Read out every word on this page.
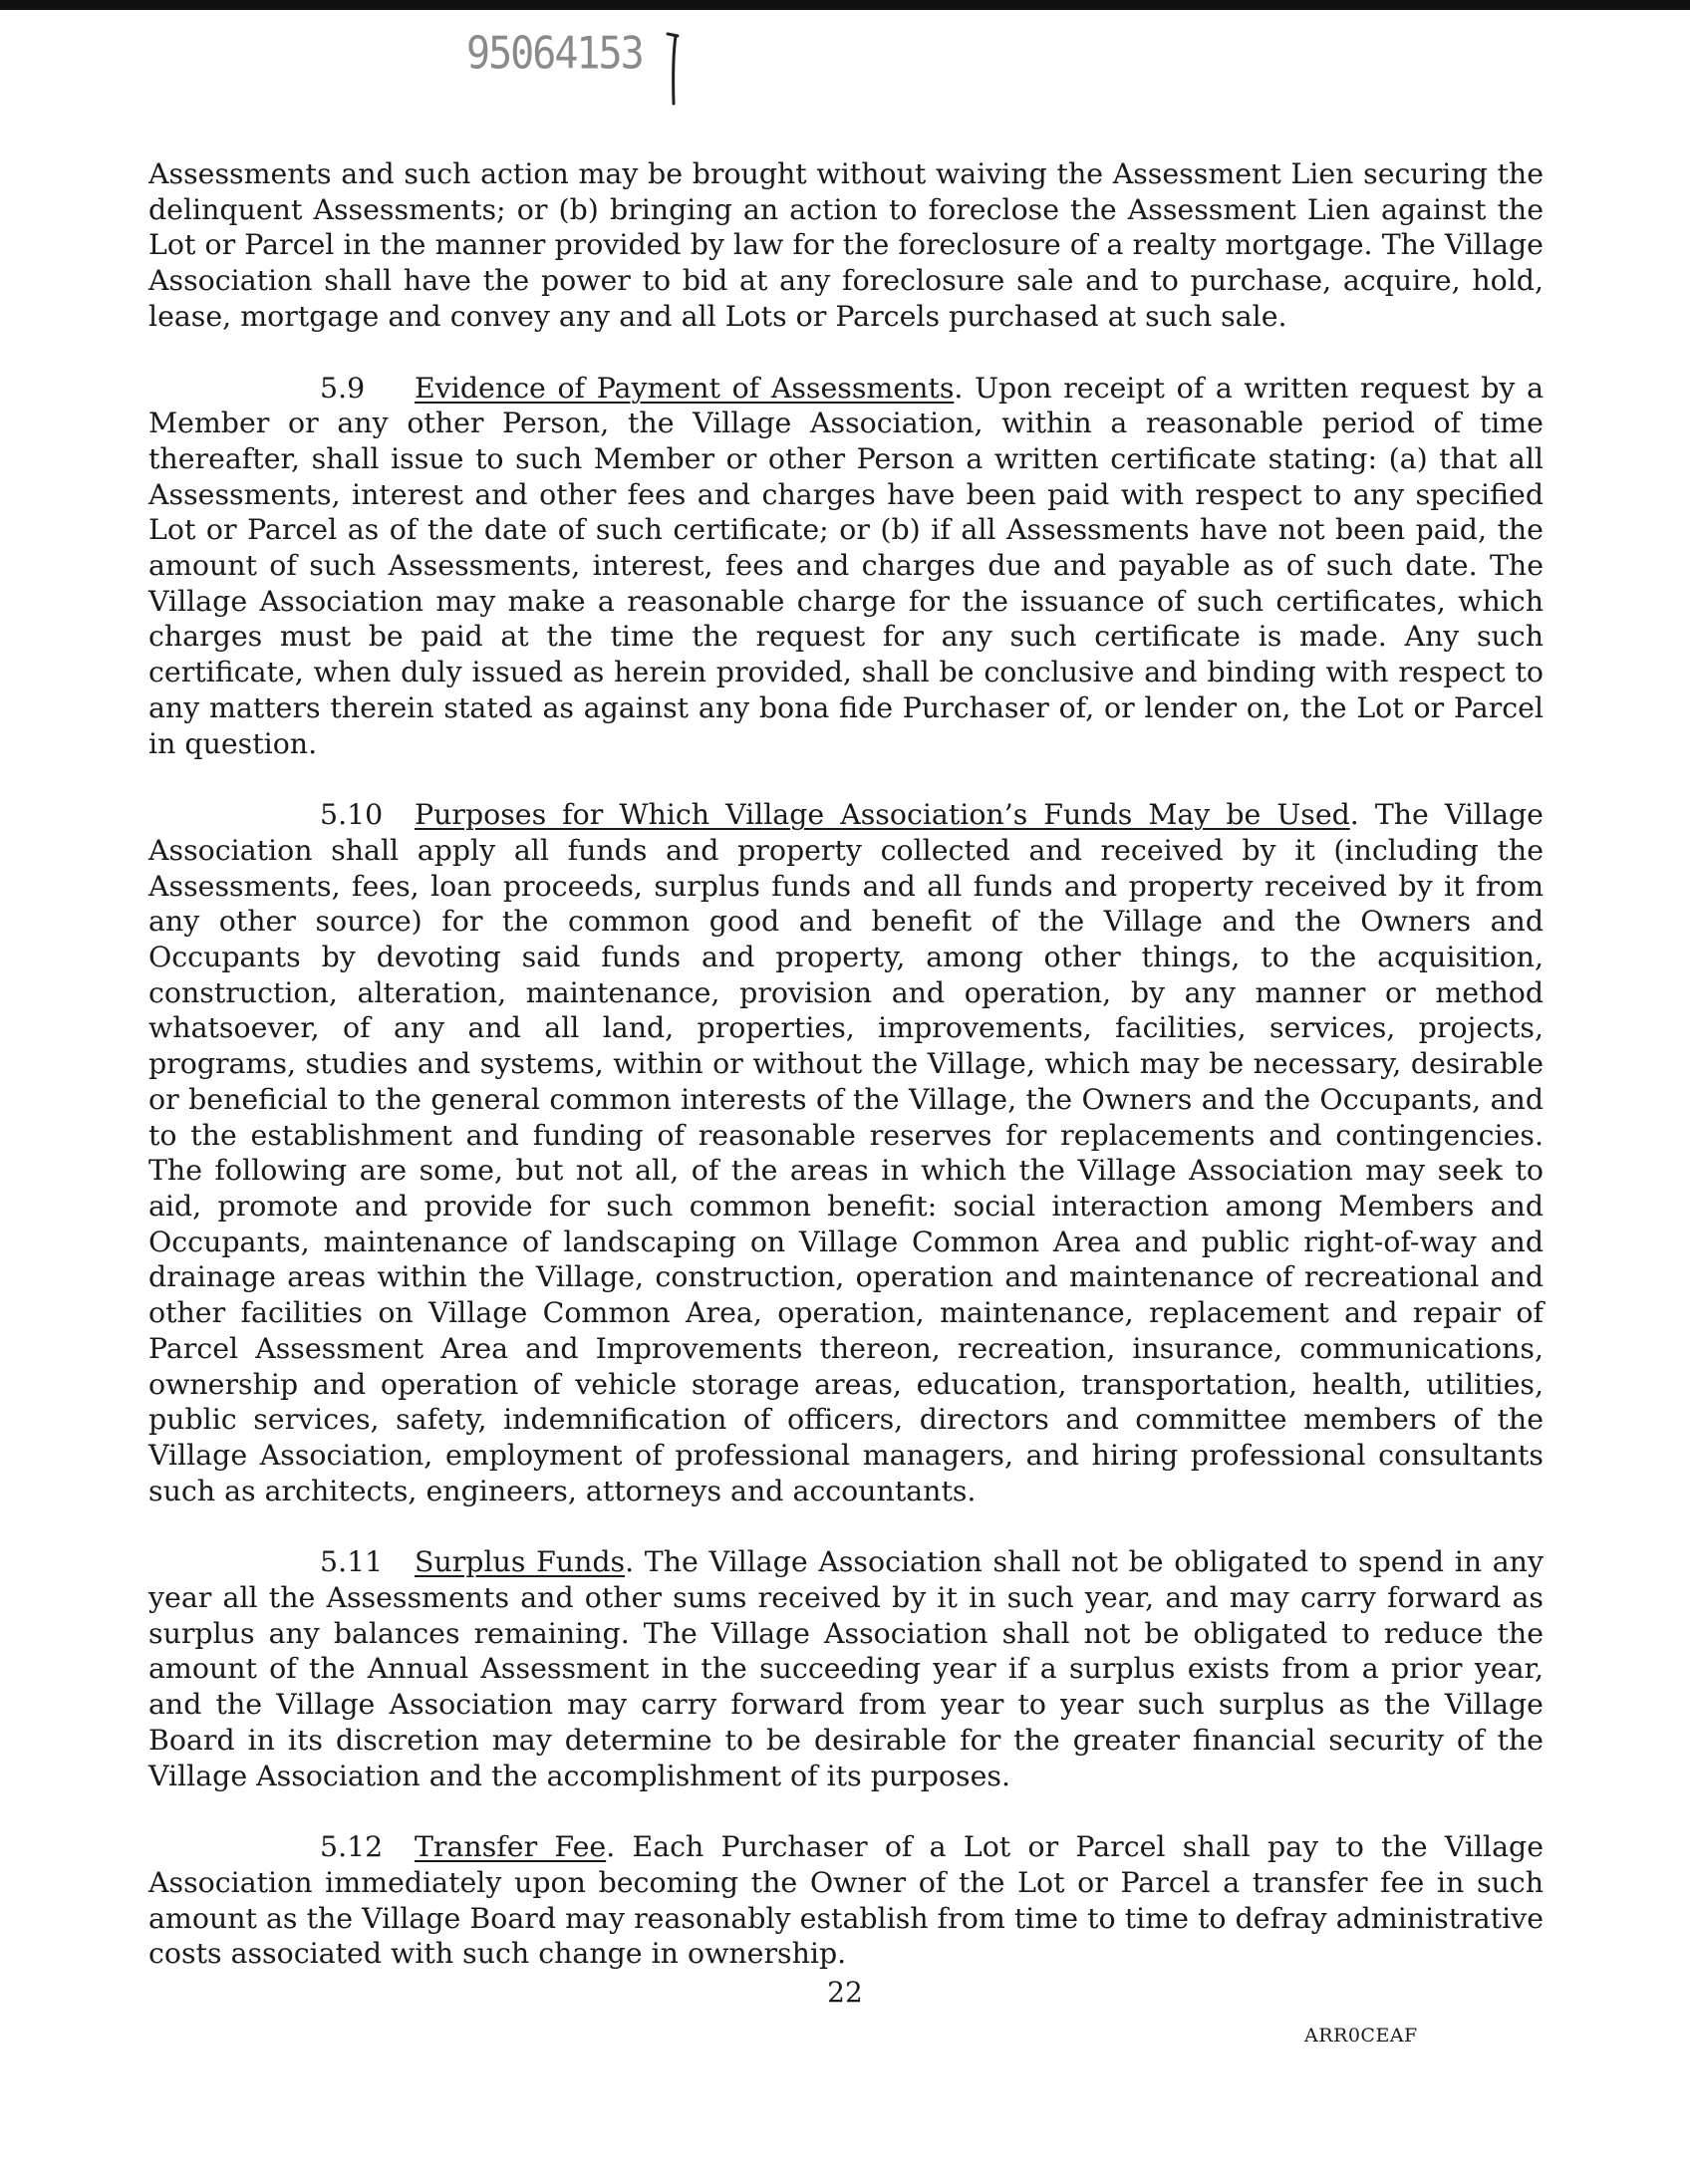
95064153

Assessments and such action may be brought without waiving the Assessment Lien securing the delinquent Assessments; or (b) bringing an action to foreclose the Assessment Lien against the Lot or Parcel in the manner provided by law for the foreclosure of a realty mortgage. The Village Association shall have the power to bid at any foreclosure sale and to purchase, acquire, hold, lease, mortgage and convey any and all Lots or Parcels purchased at such sale.

5.9 Evidence of Payment of Assessments. Upon receipt of a written request by a Member or any other Person, the Village Association, within a reasonable period of time thereafter, shall issue to such Member or other Person a written certificate stating: (a) that all Assessments, interest and other fees and charges have been paid with respect to any specified Lot or Parcel as of the date of such certificate; or (b) if all Assessments have not been paid, the amount of such Assessments, interest, fees and charges due and payable as of such date. The Village Association may make a reasonable charge for the issuance of such certificates, which charges must be paid at the time the request for any such certificate is made. Any such certificate, when duly issued as herein provided, shall be conclusive and binding with respect to any matters therein stated as against any bona fide Purchaser of, or lender on, the Lot or Parcel in question.

5.10 Purposes for Which Village Association’s Funds May be Used. The Village Association shall apply all funds and property collected and received by it (including the Assessments, fees, loan proceeds, surplus funds and all funds and property received by it from any other source) for the common good and benefit of the Village and the Owners and Occupants by devoting said funds and property, among other things, to the acquisition, construction, alteration, maintenance, provision and operation, by any manner or method whatsoever, of any and all land, properties, improvements, facilities, services, projects, programs, studies and systems, within or without the Village, which may be necessary, desirable or beneficial to the general common interests of the Village, the Owners and the Occupants, and to the establishment and funding of reasonable reserves for replacements and contingencies. The following are some, but not all, of the areas in which the Village Association may seek to aid, promote and provide for such common benefit: social interaction among Members and Occupants, maintenance of landscaping on Village Common Area and public right-of-way and drainage areas within the Village, construction, operation and maintenance of recreational and other facilities on Village Common Area, operation, maintenance, replacement and repair of Parcel Assessment Area and Improvements thereon, recreation, insurance, communications, ownership and operation of vehicle storage areas, education, transportation, health, utilities, public services, safety, indemnification of officers, directors and committee members of the Village Association, employment of professional managers, and hiring professional consultants such as architects, engineers, attorneys and accountants.

5.11 Surplus Funds. The Village Association shall not be obligated to spend in any year all the Assessments and other sums received by it in such year, and may carry forward as surplus any balances remaining. The Village Association shall not be obligated to reduce the amount of the Annual Assessment in the succeeding year if a surplus exists from a prior year, and the Village Association may carry forward from year to year such surplus as the Village Board in its discretion may determine to be desirable for the greater financial security of the Village Association and the accomplishment of its purposes.

5.12 Transfer Fee. Each Purchaser of a Lot or Parcel shall pay to the Village Association immediately upon becoming the Owner of the Lot or Parcel a transfer fee in such amount as the Village Board may reasonably establish from time to time to defray administrative costs associated with such change in ownership.

22
ARR0CEAF
